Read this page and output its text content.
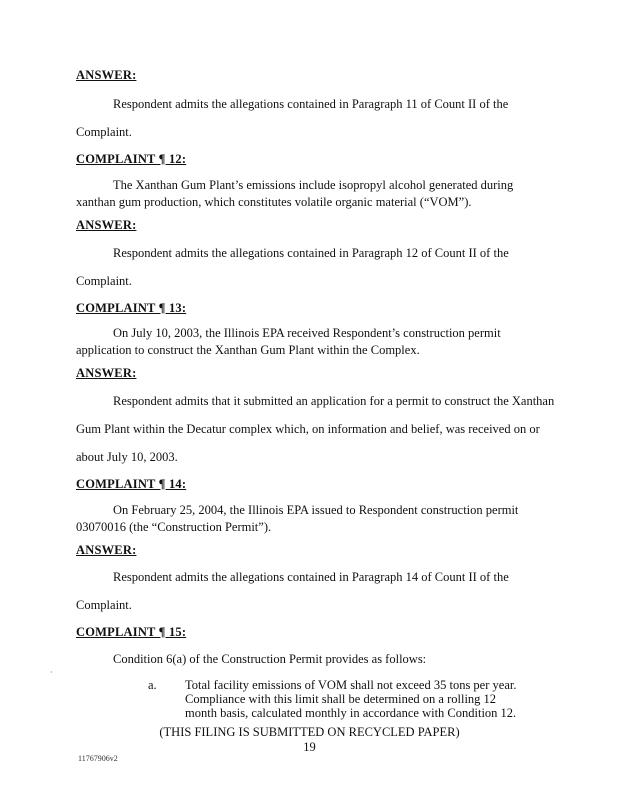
ANSWER:
Respondent admits the allegations contained in Paragraph 11 of Count II of the
Complaint.
COMPLAINT ¶ 12:
The Xanthan Gum Plant’s emissions include isopropyl alcohol generated during xanthan gum production, which constitutes volatile organic material (“VOM”).
ANSWER:
Respondent admits the allegations contained in Paragraph 12 of Count II of the
Complaint.
COMPLAINT ¶ 13:
On July 10, 2003, the Illinois EPA received Respondent’s construction permit application to construct the Xanthan Gum Plant within the Complex.
ANSWER:
Respondent admits that it submitted an application for a permit to construct the Xanthan
Gum Plant within the Decatur complex which, on information and belief, was received on or
about July 10, 2003.
COMPLAINT ¶ 14:
On February 25, 2004, the Illinois EPA issued to Respondent construction permit 03070016 (the “Construction Permit”).
ANSWER:
Respondent admits the allegations contained in Paragraph 14 of Count II of the
Complaint.
COMPLAINT ¶ 15:
Condition 6(a) of the Construction Permit provides as follows:
·
a. Total facility emissions of VOM shall not exceed 35 tons per year. Compliance with this limit shall be determined on a rolling 12 month basis, calculated monthly in accordance with Condition 12.
(THIS FILING IS SUBMITTED ON RECYCLED PAPER)
19
11767906v2
